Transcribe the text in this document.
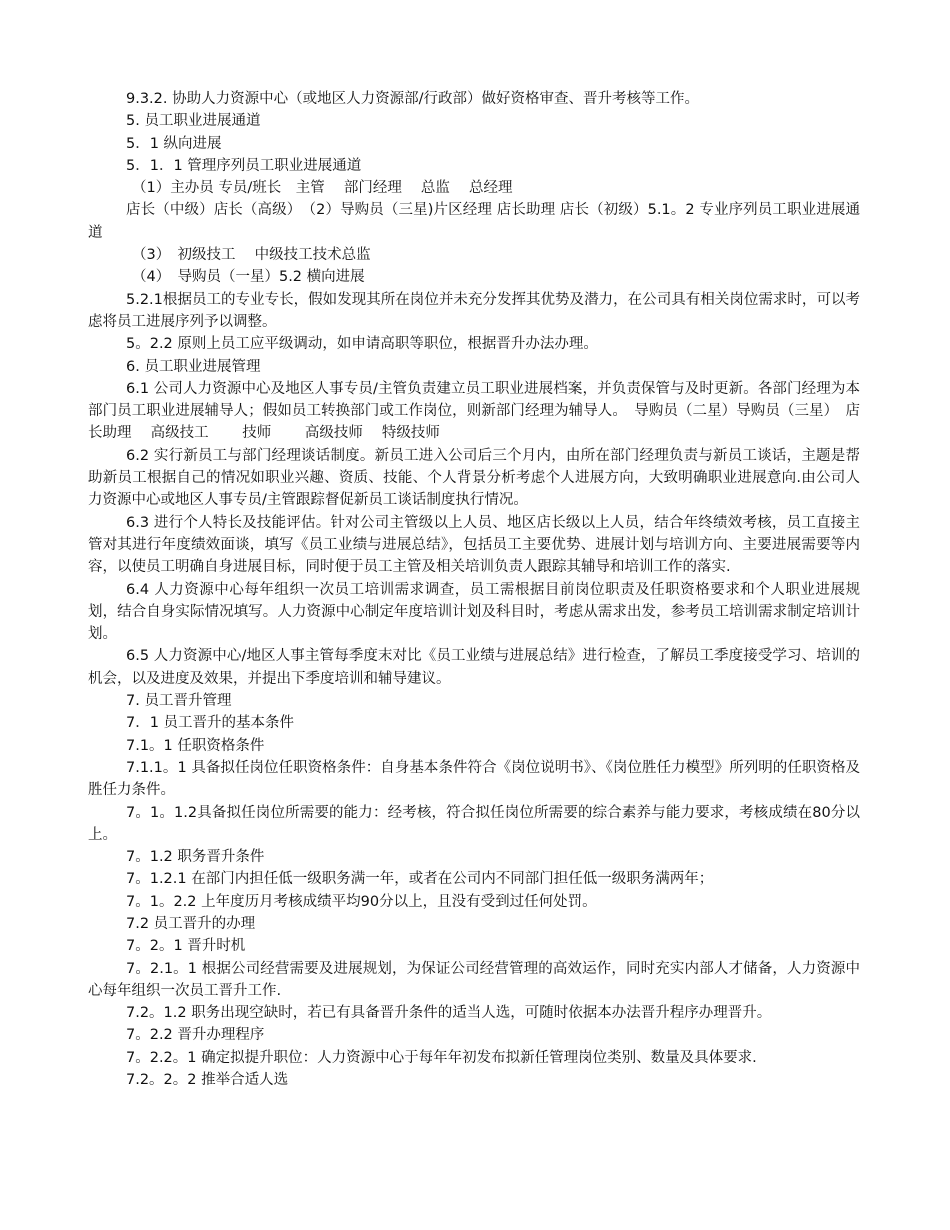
9.3.2. 协助人力资源中心（或地区人力资源部/行政部）做好资格审查、晋升考核等工作。

5. 员工职业进展通道

5．1 纵向进展

5．1．1 管理序列员工职业进展通道

（1）主办员 专员/班长　主管　 部门经理　 总监　 总经理

店长（中级）店长（高级）　（2）导购员（三星)片区经理 店长助理 店长（初级）5.1。2 专业序列员工职业进展通道

（3）　初级技工　 中级技工技术总监

（4）　导购员（一星）5.2 横向进展

5.2.1根据员工的专业专长，假如发现其所在岗位并未充分发挥其优势及潜力，在公司具有相关岗位需求时，可以考虑将员工进展序列予以调整。

5。2.2 原则上员工应平级调动，如申请高职等职位，根据晋升办法办理。

6. 员工职业进展管理

6.1 公司人力资源中心及地区人事专员/主管负责建立员工职业进展档案，并负责保管与及时更新。各部门经理为本部门员工职业进展辅导人；假如员工转换部门或工作岗位，则新部门经理为辅导人。　导购员（二星）导购员（三星）　店长助理　 高级技工　　 技师　　 高级技师　 特级技师

6.2 实行新员工与部门经理谈话制度。新员工进入公司后三个月内，由所在部门经理负责与新员工谈话，主题是帮助新员工根据自己的情况如职业兴趣、资质、技能、个人背景分析考虑个人进展方向，大致明确职业进展意向.由公司人力资源中心或地区人事专员/主管跟踪督促新员工谈话制度执行情况。

6.3 进行个人特长及技能评估。针对公司主管级以上人员、地区店长级以上人员，结合年终绩效考核，员工直接主管对其进行年度绩效面谈，填写《员工业绩与进展总结》，包括员工主要优势、进展计划与培训方向、主要进展需要等内容，以使员工明确自身进展目标，同时便于员工主管及相关培训负责人跟踪其辅导和培训工作的落实.

6.4 人力资源中心每年组织一次员工培训需求调查，员工需根据目前岗位职责及任职资格要求和个人职业进展规划，结合自身实际情况填写。人力资源中心制定年度培训计划及科目时，考虑从需求出发，参考员工培训需求制定培训计划。

6.5 人力资源中心/地区人事主管每季度末对比《员工业绩与进展总结》进行检查，了解员工季度接受学习、培训的机会，以及进度及效果，并提出下季度培训和辅导建议。

7. 员工晋升管理

7．1 员工晋升的基本条件

7.1。1 任职资格条件

7.1.1。1 具备拟任岗位任职资格条件：自身基本条件符合《岗位说明书》、《岗位胜任力模型》所列明的任职资格及胜任力条件。

7。1。1.2具备拟任岗位所需要的能力：经考核，符合拟任岗位所需要的综合素养与能力要求，考核成绩在80分以上。

7。1.2 职务晋升条件

7。1.2.1 在部门内担任低一级职务满一年，或者在公司内不同部门担任低一级职务满两年；

7。1。2.2 上年度历月考核成绩平均90分以上，且没有受到过任何处罚。

7.2 员工晋升的办理

7。2。1 晋升时机

7。2.1。1 根据公司经营需要及进展规划，为保证公司经营管理的高效运作，同时充实内部人才储备，人力资源中心每年组织一次员工晋升工作.

7.2。1.2 职务出现空缺时，若已有具备晋升条件的适当人选，可随时依据本办法晋升程序办理晋升。

7。2.2 晋升办理程序

7。2.2。1 确定拟提升职位：人力资源中心于每年年初发布拟新任管理岗位类别、数量及具体要求.

7.2。2。2 推举合适人选
